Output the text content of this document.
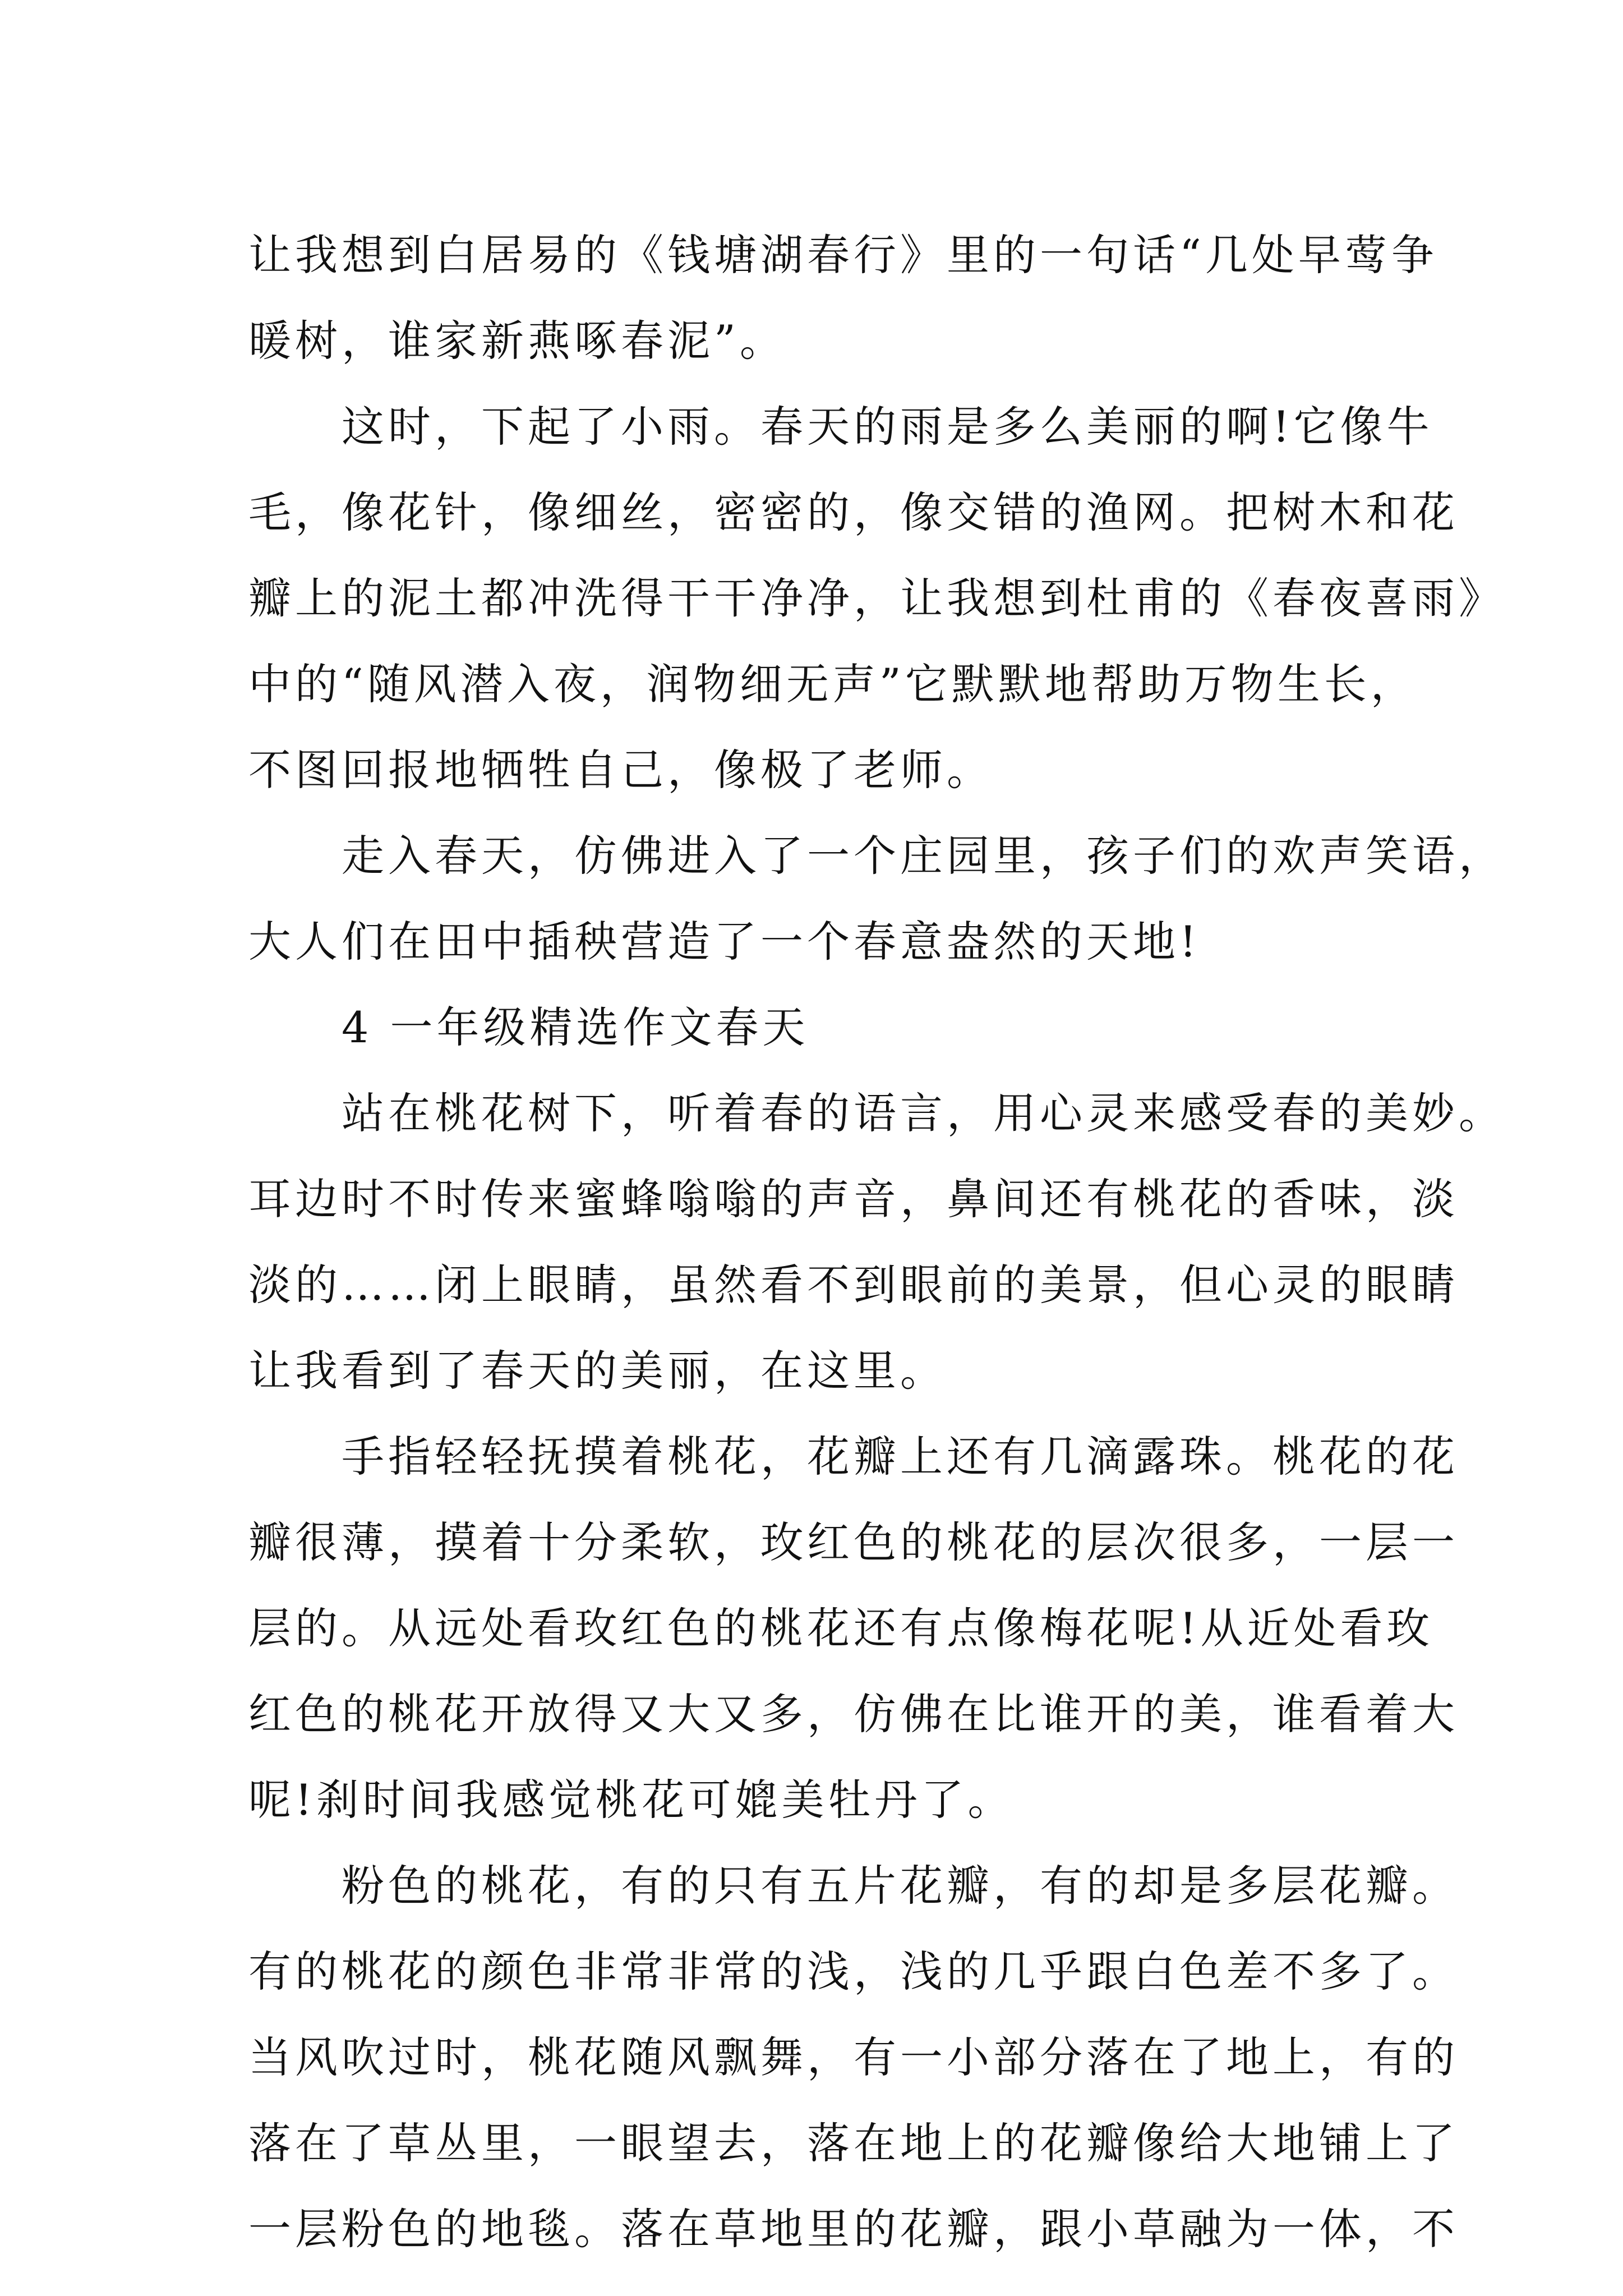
让我想到白居易的《钱塘湖春行》里的一句话“几处早莺争
暖树，谁家新燕啄春泥”。
　　这时，下起了小雨。春天的雨是多么美丽的啊!它像牛
毛，像花针，像细丝，密密的，像交错的渔网。把树木和花
瓣上的泥土都冲洗得干干净净，让我想到杜甫的《春夜喜雨》
中的“随风潜入夜，润物细无声”它默默地帮助万物生长，
不图回报地牺牲自己，像极了老师。
　　走入春天，仿佛进入了一个庄园里，孩子们的欢声笑语，
大人们在田中插秧营造了一个春意盎然的天地!
　　4 一年级精选作文春天
　　站在桃花树下，听着春的语言，用心灵来感受春的美妙。
耳边时不时传来蜜蜂嗡嗡的声音，鼻间还有桃花的香味，淡
淡的……闭上眼睛，虽然看不到眼前的美景，但心灵的眼睛
让我看到了春天的美丽，在这里。
　　手指轻轻抚摸着桃花，花瓣上还有几滴露珠。桃花的花
瓣很薄，摸着十分柔软，玫红色的桃花的层次很多，一层一
层的。从远处看玫红色的桃花还有点像梅花呢!从近处看玫
红色的桃花开放得又大又多，仿佛在比谁开的美，谁看着大
呢!刹时间我感觉桃花可媲美牡丹了。
　　粉色的桃花，有的只有五片花瓣，有的却是多层花瓣。
有的桃花的颜色非常非常的浅，浅的几乎跟白色差不多了。
当风吹过时，桃花随风飘舞，有一小部分落在了地上，有的
落在了草丛里，一眼望去，落在地上的花瓣像给大地铺上了
一层粉色的地毯。落在草地里的花瓣，跟小草融为一体，不
